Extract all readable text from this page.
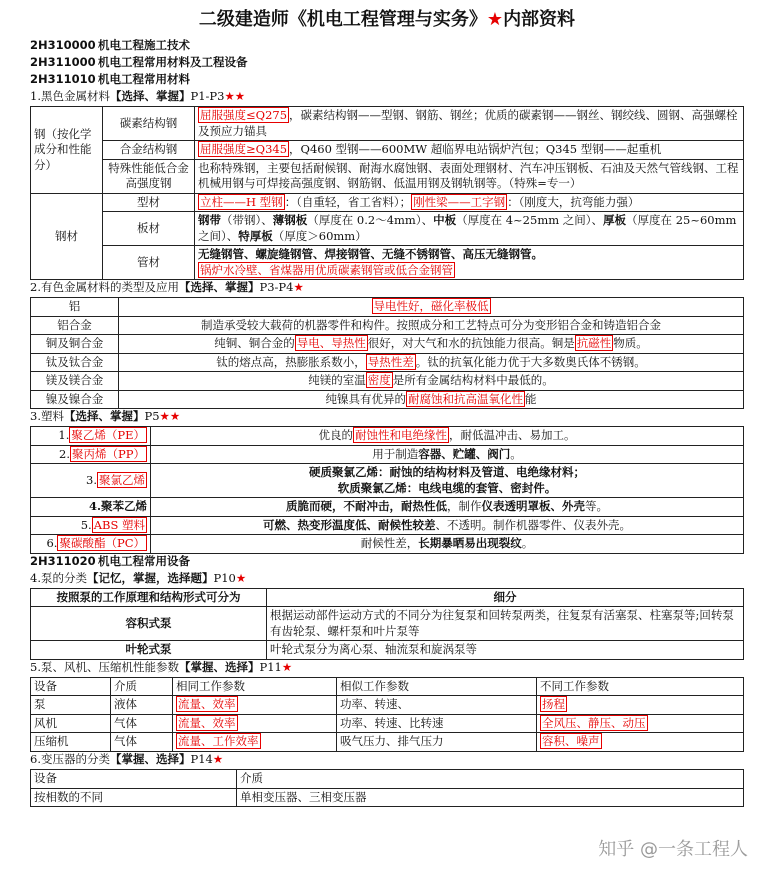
二级建造师《机电工程管理与实务》★内部资料
2H310000 机电工程施工技术
2H311000 机电工程常用材料及工程设备
2H311010 机电工程常用材料
1.黑色金属材料【选择、掌握】P1-P3★★
钢（按化学成分和性能分）	碳素结构钢	屈服强度≤Q275 ，碳素结构钢——型钢、钢筋、钢丝；优质的碳素钢——钢丝、钢绞线、圆钢、高强螺栓及预应力锚具
	合金结构钢	屈服强度≥Q345 ，Q460 型钢——600MW 超临界电站锅炉汽包；Q345 型钢——起重机
	特殊性能低合金高强度钢	也称特殊钢，主要包括耐候钢、耐海水腐蚀钢、表面处理钢材、汽车冲压钢板、石油及天然气管线钢、工程机械用钢与可焊接高强度钢、钢筋钢、低温用钢及钢轨钢等。（特殊=专一）
钢材	型材	立柱——H 型钢 ：（自重轻，省工省料）； 刚性梁——工字钢 ：（刚度大，抗弯能力强）
	板材	钢带（带钢）、薄钢板（厚度在 0.2～4mm）、中板（厚度在 4~25mm 之间）、厚板（厚度在 25~60mm 之间）、特厚板（厚度＞60mm）
	管材	无缝钢管、螺旋缝钢管、焊接钢管、无缝不锈钢管、高压无缝钢管。
锅炉水冷壁、省煤器用优质碳素钢管或低合金钢管
2.有色金属材料的类型及应用【选择、掌握】P3-P4★
铝	导电性好，磁化率极低
铝合金	制造承受较大载荷的机器零件和构件。按照成分和工艺特点可分为变形铝合金和铸造铝合金
铜及铜合金	纯铜、铜合金的 导电、导热性 很好，对大气和水的抗蚀能力很高。铜是 抗磁性 物质。
钛及钛合金	钛的熔点高，热膨胀系数小， 导热性差 。钛的抗氧化能力优于大多数奥氏体不锈钢。
镁及镁合金	纯镁的室温 密度 是所有金属结构材料中最低的。
镍及镍合金	纯镍具有优异的 耐腐蚀和抗高温氧化性 能
3.塑料【选择、掌握】P5★★
1. 聚乙烯（PE）	优良的 耐蚀性和电绝缘性 ，耐低温冲击、易加工。
2. 聚丙烯（PP）	用于制造容器、贮罐、阀门。
3. 聚氯乙烯	硬质聚氯乙烯：耐蚀的结构材料及管道、电绝缘材料；
软质聚氯乙烯：电线电缆的套管、密封件。
4.聚苯乙烯	质脆而硬，不耐冲击，耐热性低，制作仪表透明罩板、外壳等。
5. ABS 塑料	可燃、热变形温度低、耐候性较差、不透明。制作机器零件、仪表外壳。
6. 聚碳酸酯（PC）	耐候性差，长期暴晒易出现裂纹。
2H311020 机电工程常用设备
4.泵的分类【记忆，掌握，选择题】P10★
按照泵的工作原理和结构形式可分为	细分
容积式泵	根据运动部件运动方式的不同分为往复泵和回转泵两类，往复泵有活塞泵、柱塞泵等;回转泵有齿轮泵、螺杆泵和叶片泵等
叶轮式泵	叶轮式泵分为离心泵、轴流泵和旋涡泵等
5.泵、风机、压缩机性能参数【掌握、选择】P11★
设备	介质	相同工作参数	相似工作参数	不同工作参数
泵	液体	流量、效率	功率、转速、	扬程
风机	气体	流量、效率	功率、转速、比转速	全风压、静压、动压
压缩机	气体	流量、工作效率	吸气压力、排气压力	容积、噪声
6.变压器的分类【掌握、选择】P14★
设备	介质
按相数的不同	单相变压器、三相变压器
知乎 @一条工程人
